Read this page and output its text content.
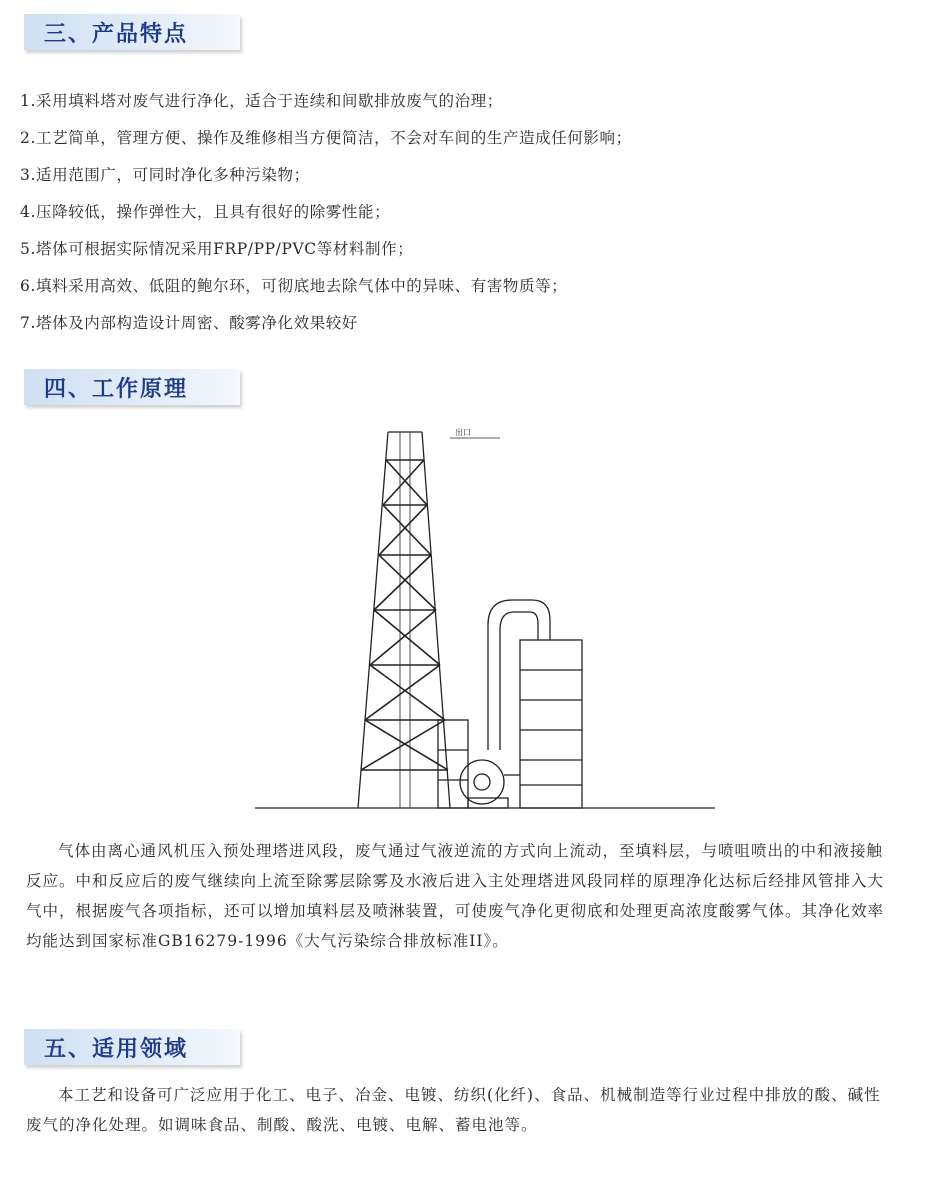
三、产品特点
1.采用填料塔对废气进行净化，适合于连续和间歇排放废气的治理；
2.工艺简单，管理方便、操作及维修相当方便简洁，不会对车间的生产造成任何影响；
3.适用范围广，可同时净化多种污染物；
4.压降较低，操作弹性大，且具有很好的除雾性能；
5.塔体可根据实际情况采用FRP/PP/PVC等材料制作；
6.填料采用高效、低阻的鲍尔环，可彻底地去除气体中的异味、有害物质等；
7.塔体及内部构造设计周密、酸雾净化效果较好
四、工作原理
出口

气体由离心通风机压入预处理塔进风段，废气通过气液逆流的方式向上流动，至填料层，与喷咀喷出的中和液接触反应。中和反应后的废气继续向上流至除雾层除雾及水液后进入主处理塔进风段同样的原理净化达标后经排风管排入大气中，根据废气各项指标，还可以增加填料层及喷淋装置，可使废气净化更彻底和处理更高浓度酸雾气体。其净化效率均能达到国家标准GB16279-1996《大气污染综合排放标准II》。

五、适用领域

本工艺和设备可广泛应用于化工、电子、冶金、电镀、纺织(化纤)、食品、机械制造等行业过程中排放的酸、碱性废气的净化处理。如调味食品、制酸、酸洗、电镀、电解、蓄电池等。
